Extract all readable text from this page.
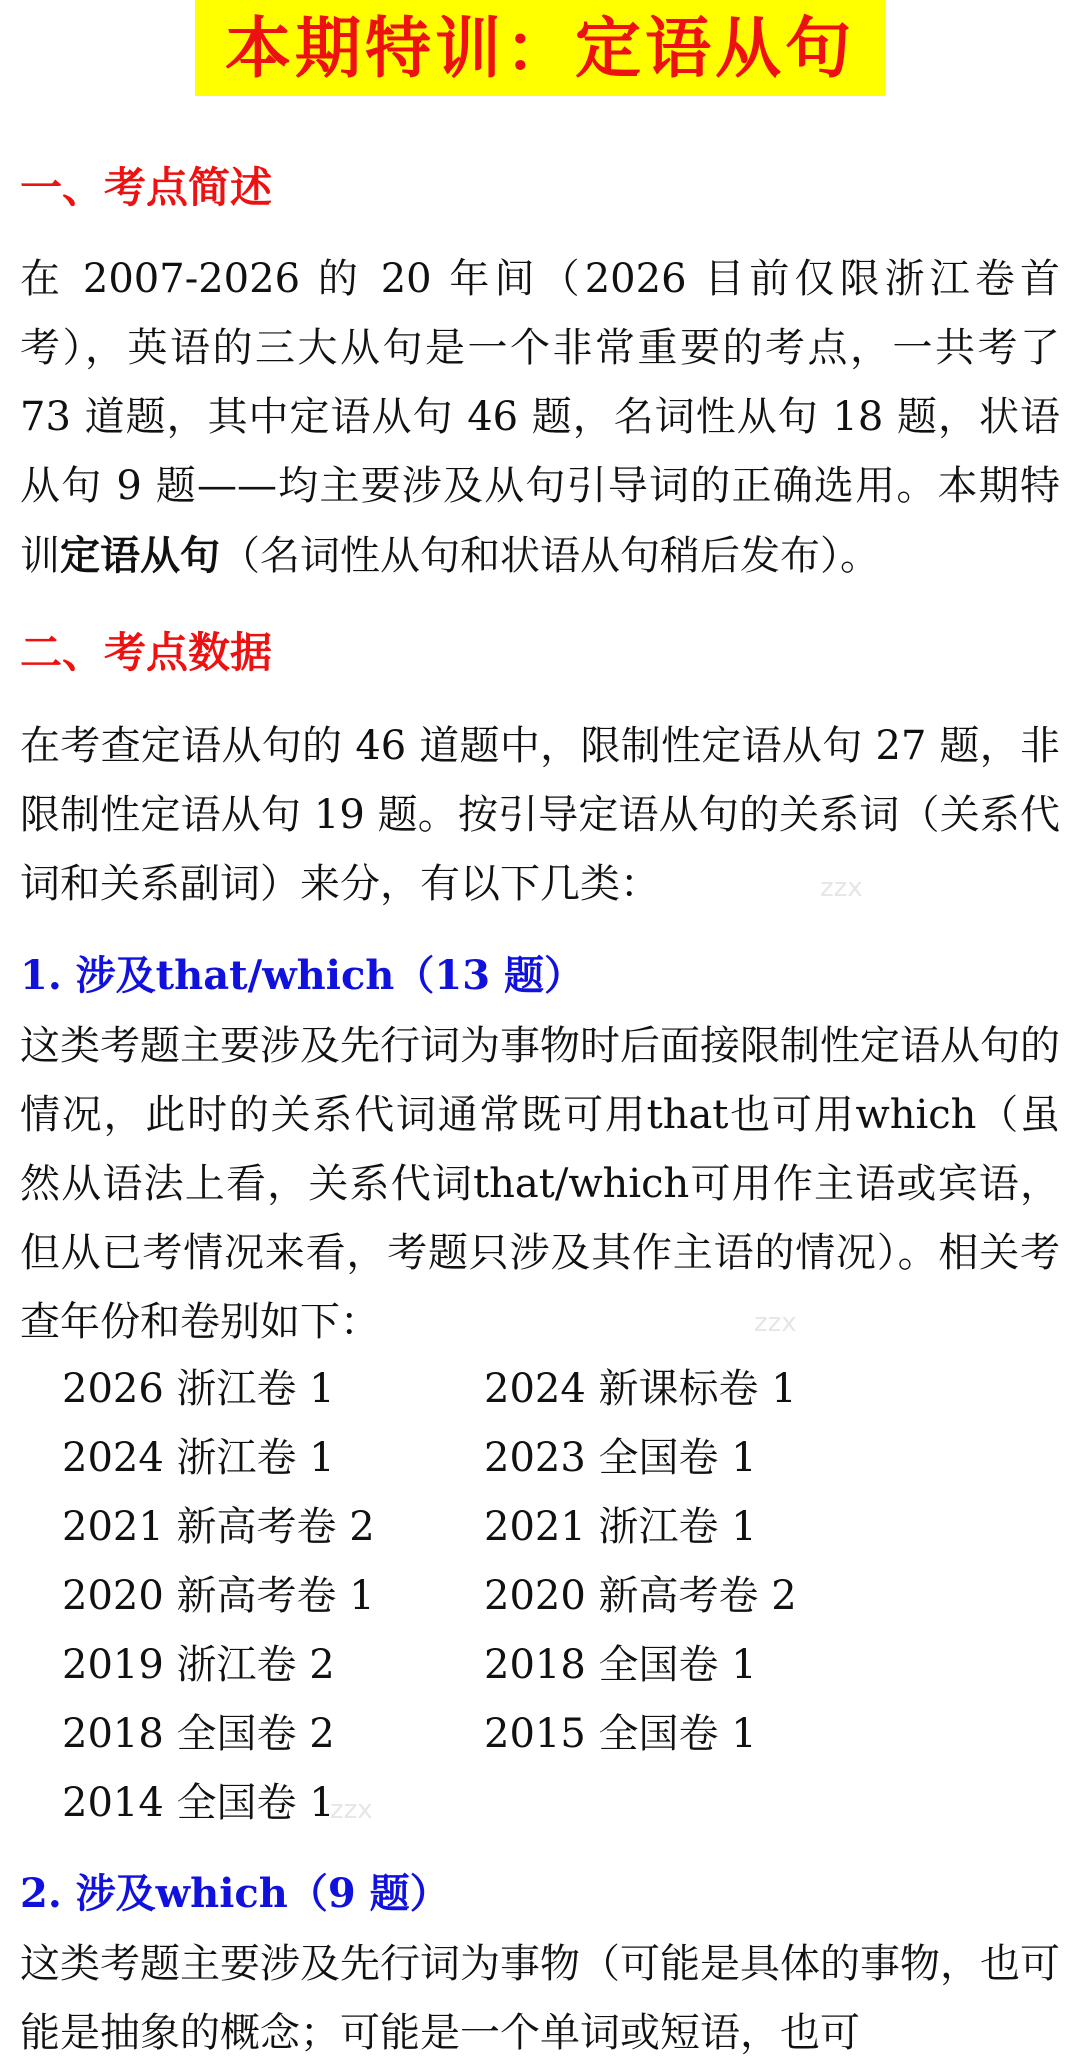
本期特训：定语从句
一、考点简述

在 2007-2026 的 20 年间（2026 目前仅限浙江卷首考），英语的三大从句是一个非常重要的考点，一共考了 73 道题，其中定语从句 46 题，名词性从句 18 题，状语从句 9 题——均主要涉及从句引导词的正确选用。本期特训定语从句（名词性从句和状语从句稍后发布）。

二、考点数据

在考查定语从句的 46 道题中，限制性定语从句 27 题，非限制性定语从句 19 题。按引导定语从句的关系词（关系代词和关系副词）来分，有以下几类：

1. 涉及that/which（13 题）

这类考题主要涉及先行词为事物时后面接限制性定语从句的情况，此时的关系代词通常既可用that也可用which（虽然从语法上看，关系代词that/which可用作主语或宾语，但从已考情况来看，考题只涉及其作主语的情况）。相关考查年份和卷别如下：

2026 浙江卷 1	2024 新课标卷 1
2024 浙江卷 1	2023 全国卷 1
2021 新高考卷 2	2021 浙江卷 1
2020 新高考卷 1	2020 新高考卷 2
2019 浙江卷 2	2018 全国卷 1
2018 全国卷 2	2015 全国卷 1
2014 全国卷 1
2. 涉及which（9 题）

这类考题主要涉及先行词为事物（可能是具体的事物，也可能是抽象的概念；可能是一个单词或短语，也可

zzx
zzx
zzx
